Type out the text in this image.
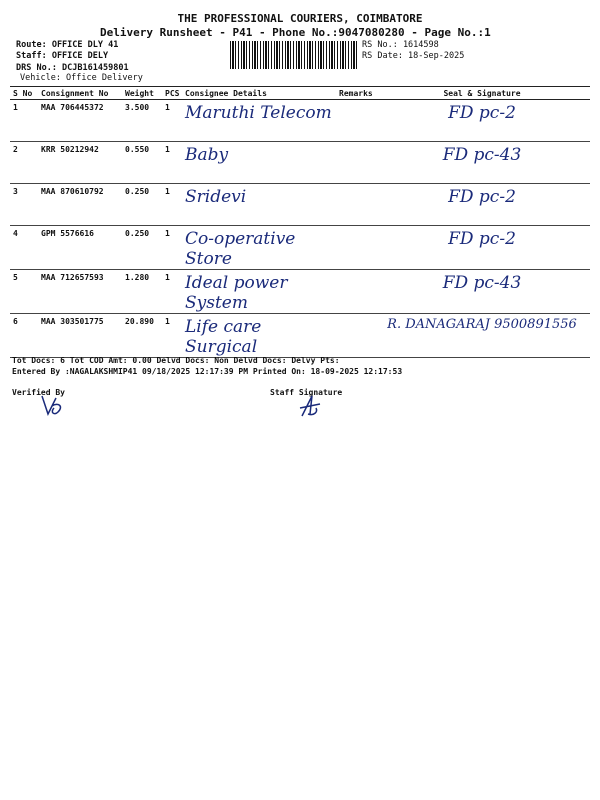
THE PROFESSIONAL COURIERS, COIMBATORE
Delivery Runsheet - P41 - Phone No.:9047080280 - Page No.:1
Route: OFFICE DLY 41
Staff: OFFICE DELY
DRS No.: DCJB161459801
Vehicle: Office Delivery
RS No.: 1614598
RS Date: 18-Sep-2025
S No	Consignment No	Weight	PCS	Consignee Details	Remarks	Seal & Signature
1	MAA 706445372	3.500	1	Maruthi Telecom		FD pc-2
2	KRR 50212942	0.550	1	Baby		FD pc-43
3	MAA 870610792	0.250	1	Sridevi		FD pc-2
4	GPM 5576616	0.250	1	Co-operative Store		FD pc-2
5	MAA 712657593	1.280	1	Ideal power System		FD pc-43
6	MAA 303501775	20.890	1	Life care Surgical		R. DANAGARAJ 9500891556
Tot Docs: 6 Tot COD Amt: 0.00 Delvd Docs: Non Delvd Docs: Delvy Pts:
Entered By :NAGALAKSHMIP41 09/18/2025 12:17:39 PM Printed On: 18-09-2025 12:17:53
Verified By	Staff Signature
